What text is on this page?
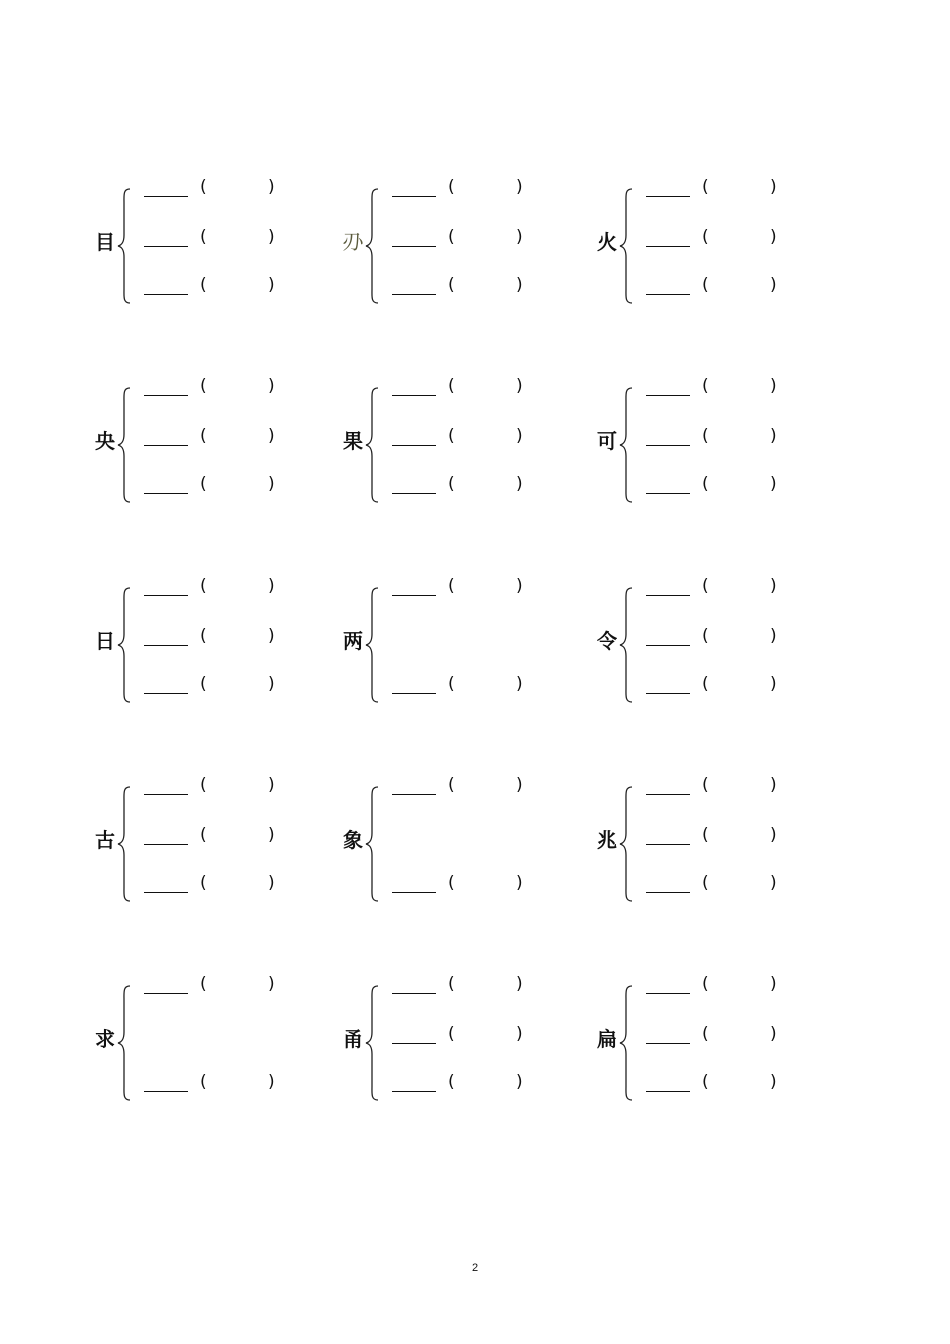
目
(	)
(	)
(	)
刅
(	)
(	)
(	)
火
(	)
(	)
(	)
央
(	)
(	)
(	)
果
(	)
(	)
(	)
可
(	)
(	)
(	)
日
(	)
(	)
(	)
两
(	)
(	)
令
(	)
(	)
(	)
古
(	)
(	)
(	)
象
(	)
(	)
兆
(	)
(	)
(	)
求
(	)
(	)
甬
(	)
(	)
(	)
扁
(	)
(	)
(	)
2
